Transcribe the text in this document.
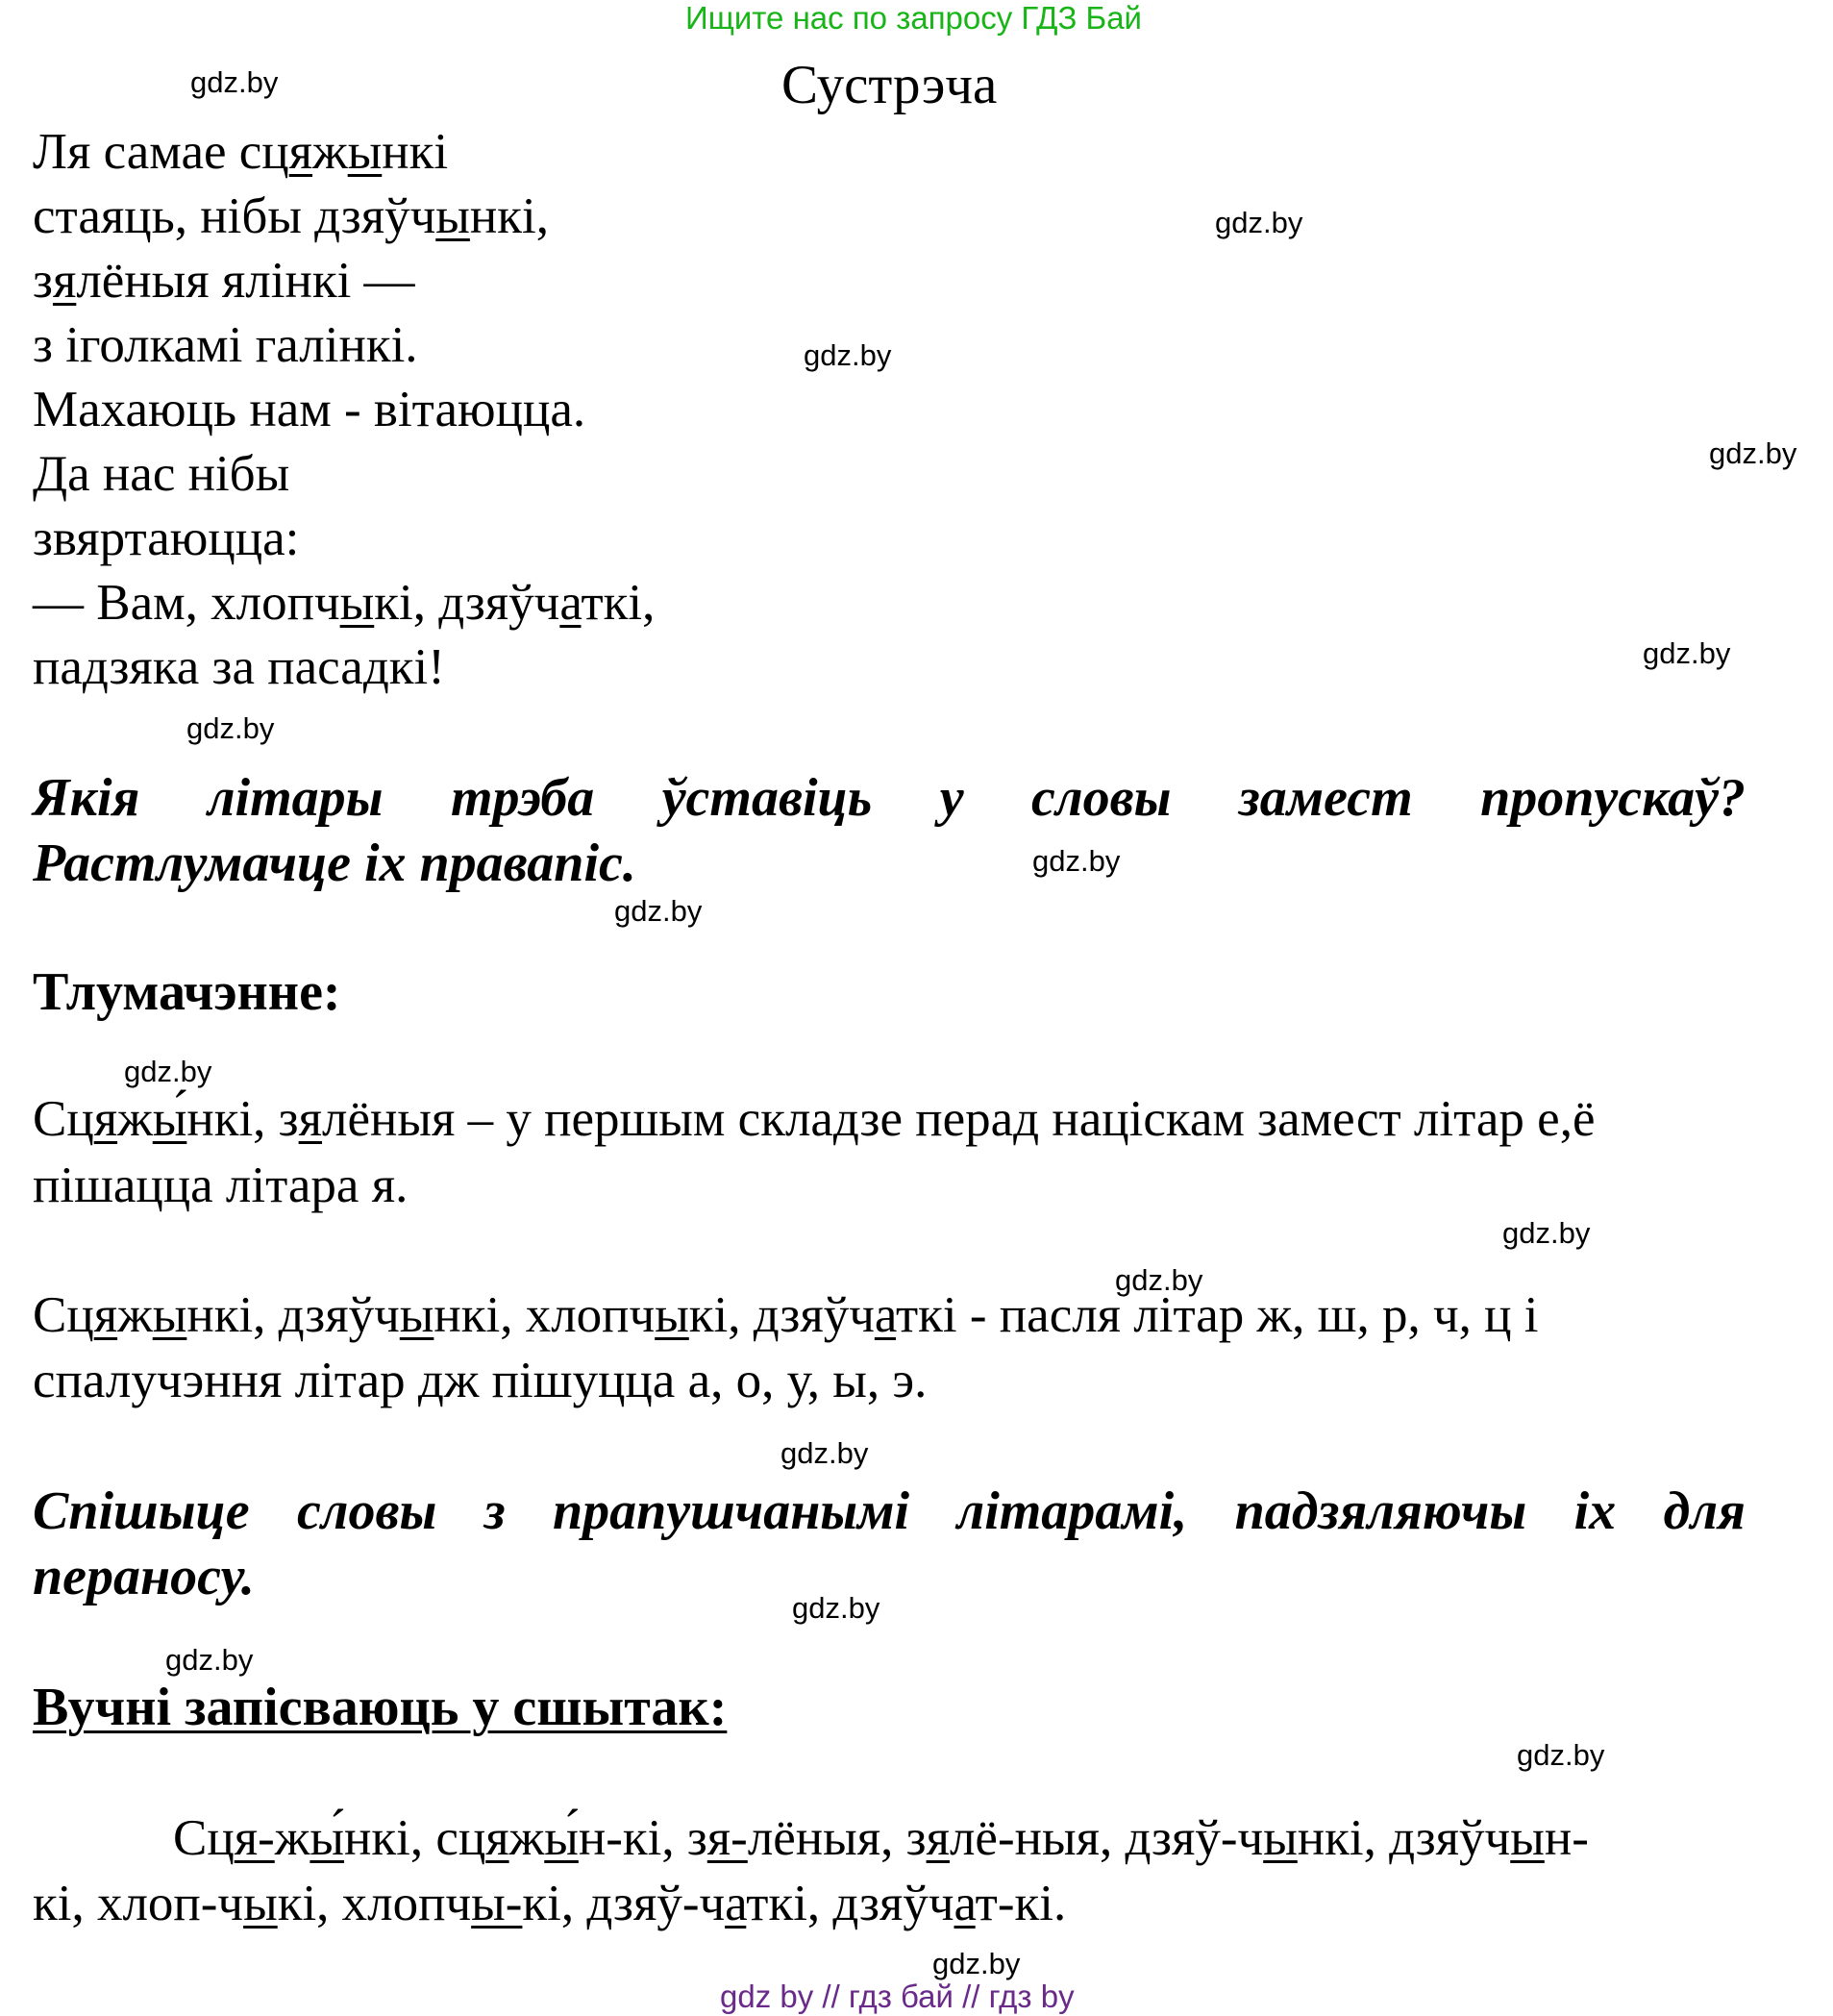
Ищите нас по запросу ГДЗ Бай
Сустрэча
gdz.by
gdz.by
gdz.by
gdz.by
gdz.by
gdz.by
gdz.by
gdz.by
gdz.by
gdz.by
gdz.by
gdz.by
gdz.by
gdz.by
gdz.by
gdz.by
Ля самае сцяжынкі
стаяць, нібы дзяўчынкі,
зялёныя ялінкі —
з іголкамі галінкі.
Махаюць нам - вітаюцца.
Да нас нібы
звяртаюцца:
— Вам, хлопчыкі, дзяўчаткі,
падзяка за пасадкі!
Якія літары трэба ўставіць у словы замест пропускаў?
Растлумачце іх правапіс.
Тлумачэнне:
Сцяжы́нкі, зялёныя – у першым складзе перад націскам замест літар е,ё
пішацца літара я.
Сцяжынкі, дзяўчынкі, хлопчыкі, дзяўчаткі - пасля літар ж, ш, р, ч, ц і
спалучэння літар дж пішуцца а, о, у, ы, э.
Спішыце словы з прапушчанымі літарамі, падзяляючы іх для
пераносу.
Вучні запісваюць у сшытак:
Сця-жы́нкі, сцяжы́н-кі, зя-лёныя, зялё-ныя, дзяў-чынкі, дзяўчын-
кі, хлоп-чыкі, хлопчы-кі, дзяў-чаткі, дзяўчат-кі.
gdz by // гдз бай // гдз by
